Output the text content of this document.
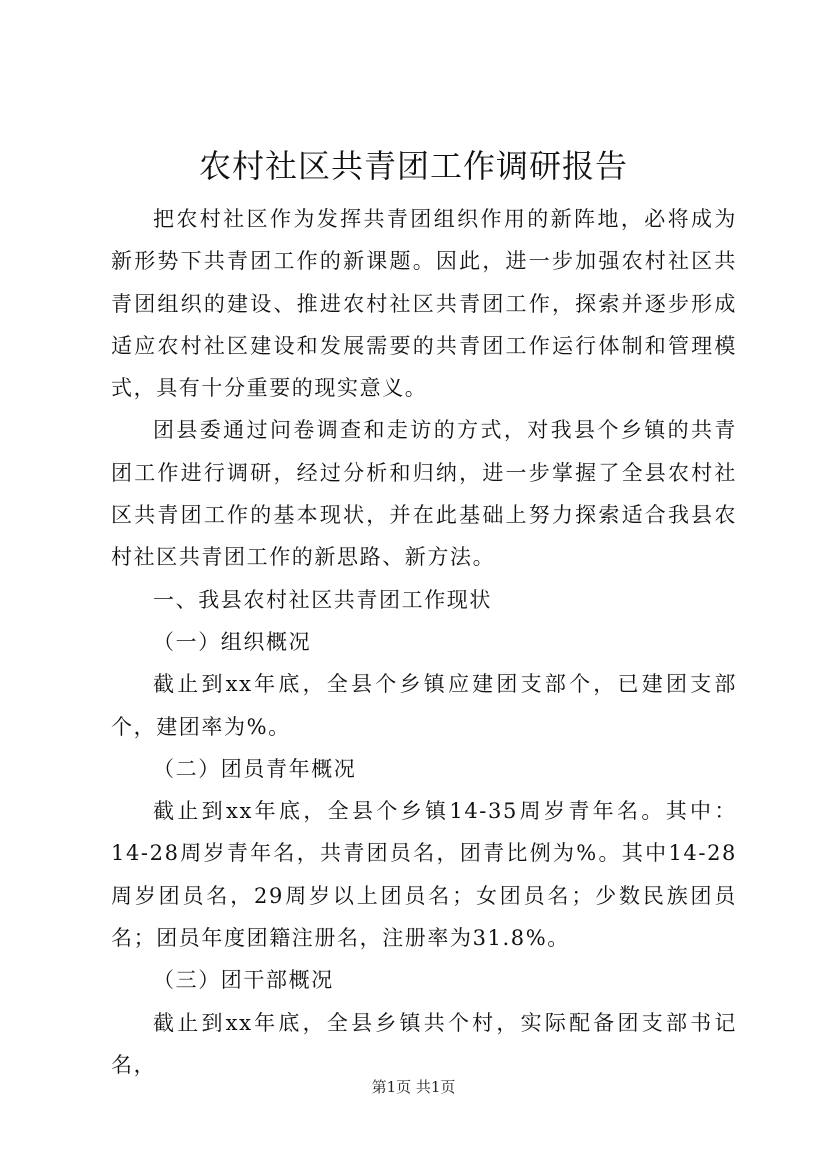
农村社区共青团工作调研报告

把农村社区作为发挥共青团组织作用的新阵地，必将成为新形势下共青团工作的新课题。因此，进一步加强农村社区共青团组织的建设、推进农村社区共青团工作，探索并逐步形成适应农村社区建设和发展需要的共青团工作运行体制和管理模式，具有十分重要的现实意义。

团县委通过问卷调查和走访的方式，对我县个乡镇的共青团工作进行调研，经过分析和归纳，进一步掌握了全县农村社区共青团工作的基本现状，并在此基础上努力探索适合我县农村社区共青团工作的新思路、新方法。

一、我县农村社区共青团工作现状

（一）组织概况

截止到xx年底，全县个乡镇应建团支部个，已建团支部个，建团率为%。

（二）团员青年概况

截止到xx年底，全县个乡镇14-35周岁青年名。其中：14-28周岁青年名，共青团员名，团青比例为%。其中14-28周岁团员名，29周岁以上团员名；女团员名；少数民族团员名；团员年度团籍注册名，注册率为31.8%。

（三）团干部概况

截止到xx年底，全县乡镇共个村，实际配备团支部书记名，

第1页 共1页
